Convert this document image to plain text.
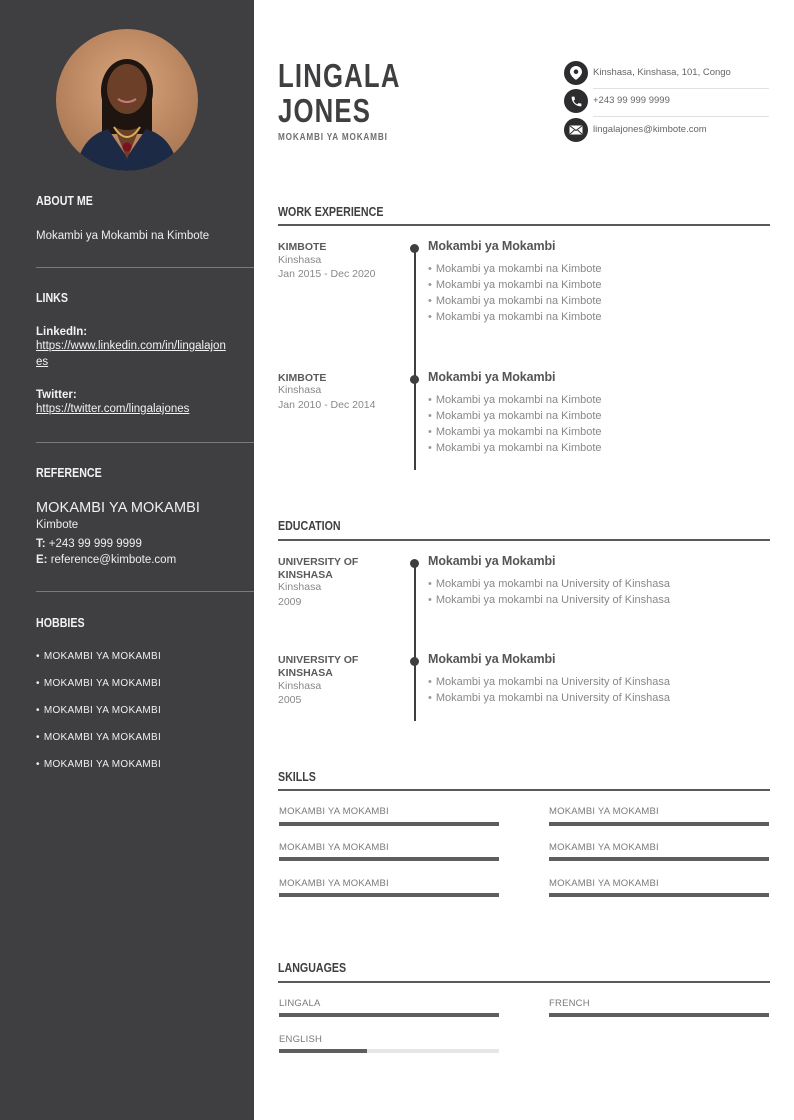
ABOUT ME
Mokambi ya Mokambi na Kimbote
LINKS
LinkedIn:
https://www.linkedin.com/in/lingalajones
Twitter:
https://twitter.com/lingalajones
REFERENCE
MOKAMBI YA MOKAMBI
Kimbote
T: +243 99 999 9999
E: reference@kimbote.com
HOBBIES
• MOKAMBI YA MOKAMBI
• MOKAMBI YA MOKAMBI
• MOKAMBI YA MOKAMBI
• MOKAMBI YA MOKAMBI
• MOKAMBI YA MOKAMBI
LINGALA
JONES
MOKAMBI YA MOKAMBI
Kinshasa, Kinshasa, 101, Congo
+243 99 999 9999
lingalajones@kimbote.com
WORK EXPERIENCE
KIMBOTE
Kinshasa
Jan 2015 - Dec 2020
Mokambi ya Mokambi
• Mokambi ya mokambi na Kimbote
• Mokambi ya mokambi na Kimbote
• Mokambi ya mokambi na Kimbote
• Mokambi ya mokambi na Kimbote
KIMBOTE
Kinshasa
Jan 2010 - Dec 2014
Mokambi ya Mokambi
• Mokambi ya mokambi na Kimbote
• Mokambi ya mokambi na Kimbote
• Mokambi ya mokambi na Kimbote
• Mokambi ya mokambi na Kimbote
EDUCATION
UNIVERSITY OF
KINSHASA
Kinshasa
2009
Mokambi ya Mokambi
• Mokambi ya mokambi na University of Kinshasa
• Mokambi ya mokambi na University of Kinshasa
UNIVERSITY OF
KINSHASA
Kinshasa
2005
Mokambi ya Mokambi
• Mokambi ya mokambi na University of Kinshasa
• Mokambi ya mokambi na University of Kinshasa
SKILLS
MOKAMBI YA MOKAMBI	MOKAMBI YA MOKAMBI
MOKAMBI YA MOKAMBI	MOKAMBI YA MOKAMBI
MOKAMBI YA MOKAMBI	MOKAMBI YA MOKAMBI
LANGUAGES
LINGALA	FRENCH
ENGLISH
